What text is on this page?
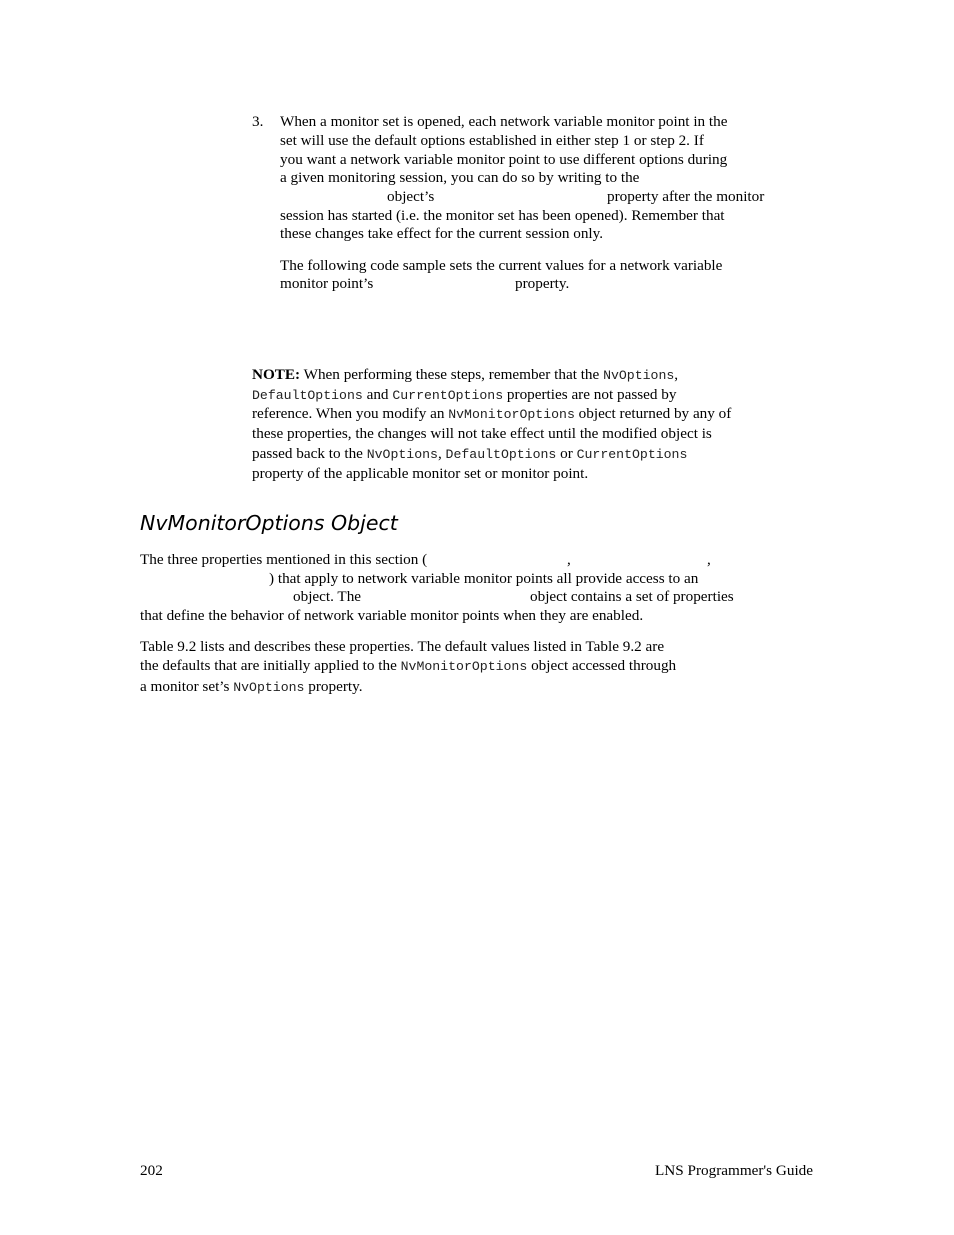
3. When a monitor set is opened, each network variable monitor point in the
set will use the default options established in either step 1 or step 2. If
you want a network variable monitor point to use different options during
a given monitoring session, you can do so by writing to the
object’s	property after the monitor
session has started (i.e. the monitor set has been opened). Remember that
these changes take effect for the current session only.
The following code sample sets the current values for a network variable
monitor point’s	property.
NOTE: When performing these steps, remember that the NvOptions,
DefaultOptions and CurrentOptions properties are not passed by
reference. When you modify an NvMonitorOptions object returned by any of
these properties, the changes will not take effect until the modified object is
passed back to the NvOptions, DefaultOptions or CurrentOptions
property of the applicable monitor set or monitor point.
NvMonitorOptions Object
The three properties mentioned in this section (	,	,
) that apply to network variable monitor points all provide access to an
object. The	object contains a set of properties
that define the behavior of network variable monitor points when they are enabled.
Table 9.2 lists and describes these properties. The default values listed in Table 9.2 are
the defaults that are initially applied to the NvMonitorOptions object accessed through
a monitor set’s NvOptions property.
202	LNS Programmer's Guide
